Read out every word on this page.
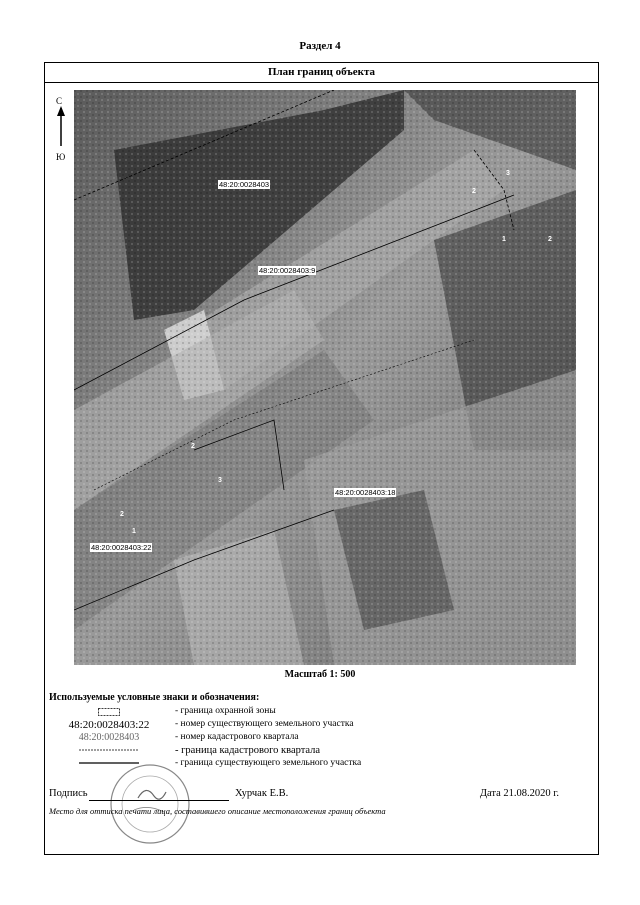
Раздел 4
План границ объекта
С
Ю
48:20:0028403
48:20:0028403:9
48:20:0028403:18
48:20:0028403:22
3
2
1	2
2
3
2
1
Масштаб 1: 500
Используемые условные знаки и обозначения:
- граница охранной зоны
48:20:0028403:22	- номер существующего земельного участка
48:20:0028403	- номер кадастрового квартала
- граница кадастрового квартала
- граница существующего земельного участка
Подпись	Хурчак Е.В.	Дата 21.08.2020 г.
Место для оттиска печати лица, составившего описание местоположения границ объекта
